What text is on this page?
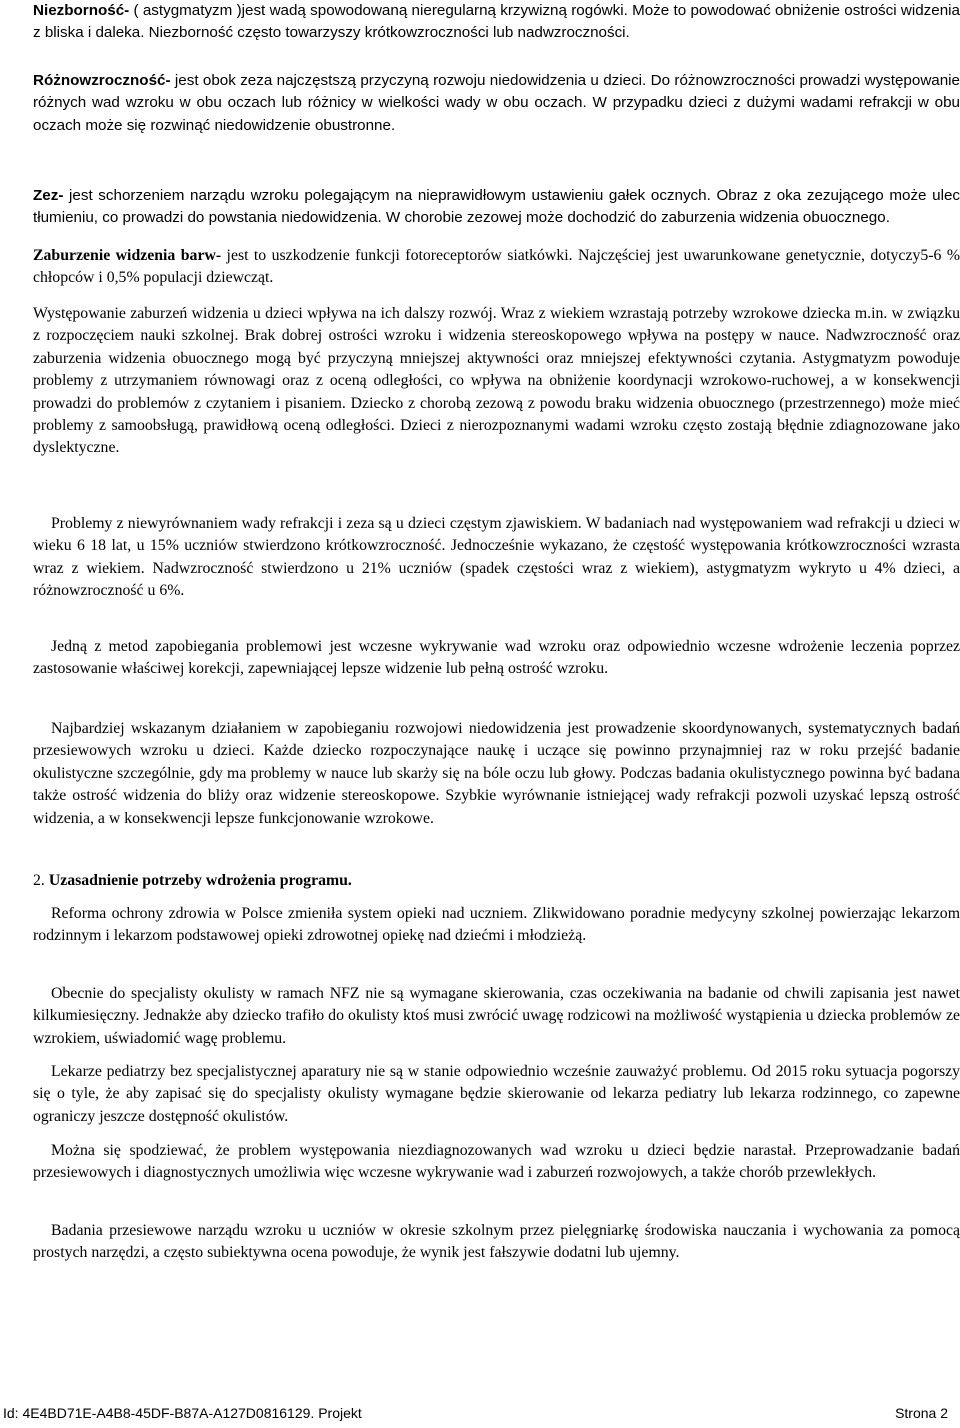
Niezborność- ( astygmatyzm )jest wadą spowodowaną nieregularną krzywizną rogówki. Może to powodować obniżenie ostrości widzenia z bliska i daleka. Niezborność często towarzyszy krótkowzroczności lub nadwzroczności.

Różnowzroczność- jest obok zeza najczęstszą przyczyną rozwoju niedowidzenia u dzieci. Do różnowzroczności prowadzi występowanie różnych wad wzroku w obu oczach lub różnicy w wielkości wady w obu oczach. W przypadku dzieci z dużymi wadami refrakcji w obu oczach może się rozwinąć niedowidzenie obustronne.

Zez- jest schorzeniem narządu wzroku polegającym na nieprawidłowym ustawieniu gałek ocznych. Obraz z oka zezującego może ulec tłumieniu, co prowadzi do powstania niedowidzenia. W chorobie zezowej może dochodzić do zaburzenia widzenia obuocznego.

Zaburzenie widzenia barw- jest to uszkodzenie funkcji fotoreceptorów siatkówki. Najczęściej jest uwarunkowane genetycznie, dotyczy5-6 % chłopców i 0,5% populacji dziewcząt.

Występowanie zaburzeń widzenia u dzieci wpływa na ich dalszy rozwój. Wraz z wiekiem wzrastają potrzeby wzrokowe dziecka m.in. w związku z rozpoczęciem nauki szkolnej. Brak dobrej ostrości wzroku i widzenia stereoskopowego wpływa na postępy w nauce. Nadwzroczność oraz zaburzenia widzenia obuocznego mogą być przyczyną mniejszej aktywności oraz mniejszej efektywności czytania. Astygmatyzm powoduje problemy z utrzymaniem równowagi oraz z oceną odległości, co wpływa na obniżenie koordynacji wzrokowo-ruchowej, a w konsekwencji prowadzi do problemów z czytaniem i pisaniem. Dziecko z chorobą zezową z powodu braku widzenia obuocznego (przestrzennego) może mieć problemy z samoobsługą, prawidłową oceną odległości. Dzieci z nierozpoznanymi wadami wzroku często zostają błędnie zdiagnozowane jako dyslektyczne.

Problemy z niewyrównaniem wady refrakcji i zeza są u dzieci częstym zjawiskiem. W badaniach nad występowaniem wad refrakcji u dzieci w wieku 6 18 lat, u 15% uczniów stwierdzono krótkowzroczność. Jednocześnie wykazano, że częstość występowania krótkowzroczności wzrasta wraz z wiekiem. Nadwzroczność stwierdzono u 21% uczniów (spadek częstości wraz z wiekiem), astygmatyzm wykryto u 4% dzieci, a różnowzroczność u 6%.

Jedną z metod zapobiegania problemowi jest wczesne wykrywanie wad wzroku oraz odpowiednio wczesne wdrożenie leczenia poprzez zastosowanie właściwej korekcji, zapewniającej lepsze widzenie lub pełną ostrość wzroku.

Najbardziej wskazanym działaniem w zapobieganiu rozwojowi niedowidzenia jest prowadzenie skoordynowanych, systematycznych badań przesiewowych wzroku u dzieci. Każde dziecko rozpoczynające naukę i uczące się powinno przynajmniej raz w roku przejść badanie okulistyczne szczególnie, gdy ma problemy w nauce lub skarży się na bóle oczu lub głowy. Podczas badania okulistycznego powinna być badana także ostrość widzenia do bliży oraz widzenie stereoskopowe. Szybkie wyrównanie istniejącej wady refrakcji pozwoli uzyskać lepszą ostrość widzenia, a w konsekwencji lepsze funkcjonowanie wzrokowe.

2. Uzasadnienie potrzeby wdrożenia programu.

Reforma ochrony zdrowia w Polsce zmieniła system opieki nad uczniem. Zlikwidowano poradnie medycyny szkolnej powierzając lekarzom rodzinnym i lekarzom podstawowej opieki zdrowotnej opiekę nad dziećmi i młodzieżą.

Obecnie do specjalisty okulisty w ramach NFZ nie są wymagane skierowania, czas oczekiwania na badanie od chwili zapisania jest nawet kilkumiesięczny. Jednakże aby dziecko trafiło do okulisty ktoś musi zwrócić uwagę rodzicowi na możliwość wystąpienia u dziecka problemów ze wzrokiem, uświadomić wagę problemu.

Lekarze pediatrzy bez specjalistycznej aparatury nie są w stanie odpowiednio wcześnie zauważyć problemu. Od 2015 roku sytuacja pogorszy się o tyle, że aby zapisać się do specjalisty okulisty wymagane będzie skierowanie od lekarza pediatry lub lekarza rodzinnego, co zapewne ograniczy jeszcze dostępność okulistów.

Można się spodziewać, że problem występowania niezdiagnozowanych wad wzroku u dzieci będzie narastał. Przeprowadzanie badań przesiewowych i diagnostycznych umożliwia więc wczesne wykrywanie wad i zaburzeń rozwojowych, a także chorób przewlekłych.

Badania przesiewowe narządu wzroku u uczniów w okresie szkolnym przez pielęgniarkę środowiska nauczania i wychowania za pomocą prostych narzędzi, a często subiektywna ocena powoduje, że wynik jest fałszywie dodatni lub ujemny.

Id: 4E4BD71E-A4B8-45DF-B87A-A127D0816129. Projekt	Strona 2
